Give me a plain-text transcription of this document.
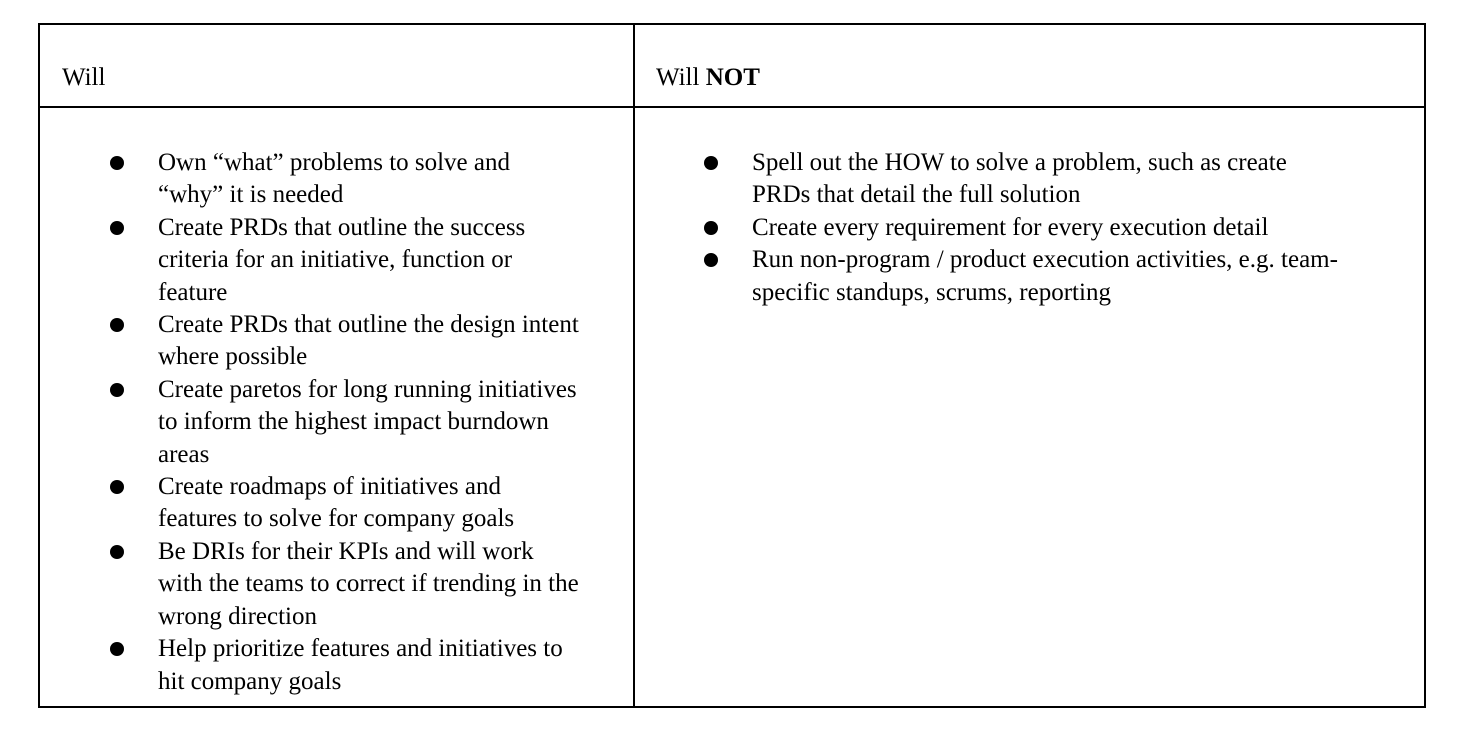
Will	Will NOT
Own “what” problems to solve and “why” it is needed
Create PRDs that outline the success criteria for an initiative, function or feature
Create PRDs that outline the design intent where possible
Create paretos for long running initiatives to inform the highest impact burndown areas
Create roadmaps of initiatives and features to solve for company goals
Be DRIs for their KPIs and will work with the teams to correct if trending in the wrong direction
Help prioritize features and initiatives to hit company goals
Spell out the HOW to solve a problem, such as create PRDs that detail the full solution
Create every requirement for every execution detail
Run non-program / product execution activities, e.g. team-specific standups, scrums, reporting
